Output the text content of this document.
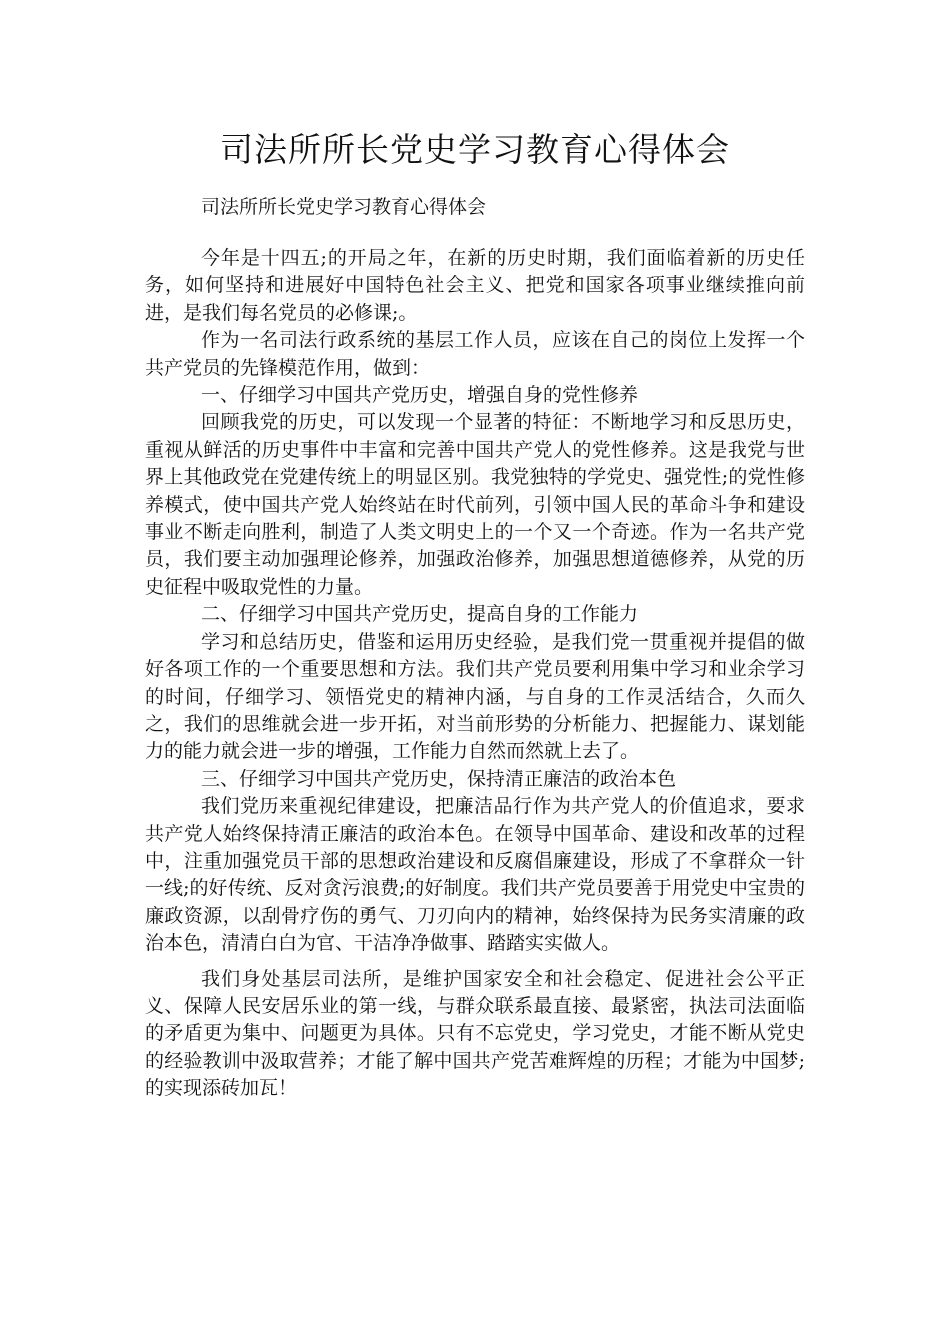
司法所所长党史学习教育心得体会

司法所所长党史学习教育心得体会

今年是十四五;的开局之年，在新的历史时期，我们面临着新的历史任务，如何坚持和进展好中国特色社会主义、把党和国家各项事业继续推向前进，是我们每名党员的必修课;。

作为一名司法行政系统的基层工作人员，应该在自己的岗位上发挥一个共产党员的先锋模范作用，做到：

一、仔细学习中国共产党历史，增强自身的党性修养

回顾我党的历史，可以发现一个显著的特征：不断地学习和反思历史，重视从鲜活的历史事件中丰富和完善中国共产党人的党性修养。这是我党与世界上其他政党在党建传统上的明显区别。我党独特的学党史、强党性;的党性修养模式，使中国共产党人始终站在时代前列，引领中国人民的革命斗争和建设事业不断走向胜利，制造了人类文明史上的一个又一个奇迹。作为一名共产党员，我们要主动加强理论修养，加强政治修养，加强思想道德修养，从党的历史征程中吸取党性的力量。

二、仔细学习中国共产党历史，提高自身的工作能力

学习和总结历史，借鉴和运用历史经验，是我们党一贯重视并提倡的做好各项工作的一个重要思想和方法。我们共产党员要利用集中学习和业余学习的时间，仔细学习、领悟党史的精神内涵，与自身的工作灵活结合，久而久之，我们的思维就会进一步开拓，对当前形势的分析能力、把握能力、谋划能力的能力就会进一步的增强，工作能力自然而然就上去了。

三、仔细学习中国共产党历史，保持清正廉洁的政治本色

我们党历来重视纪律建设，把廉洁品行作为共产党人的价值追求，要求共产党人始终保持清正廉洁的政治本色。在领导中国革命、建设和改革的过程中，注重加强党员干部的思想政治建设和反腐倡廉建设，形成了不拿群众一针一线;的好传统、反对贪污浪费;的好制度。我们共产党员要善于用党史中宝贵的廉政资源，以刮骨疗伤的勇气、刀刃向内的精神，始终保持为民务实清廉的政治本色，清清白白为官、干洁净净做事、踏踏实实做人。

我们身处基层司法所，是维护国家安全和社会稳定、促进社会公平正义、保障人民安居乐业的第一线，与群众联系最直接、最紧密，执法司法面临的矛盾更为集中、问题更为具体。只有不忘党史，学习党史，才能不断从党史的经验教训中汲取营养；才能了解中国共产党苦难辉煌的历程；才能为中国梦;的实现添砖加瓦！
